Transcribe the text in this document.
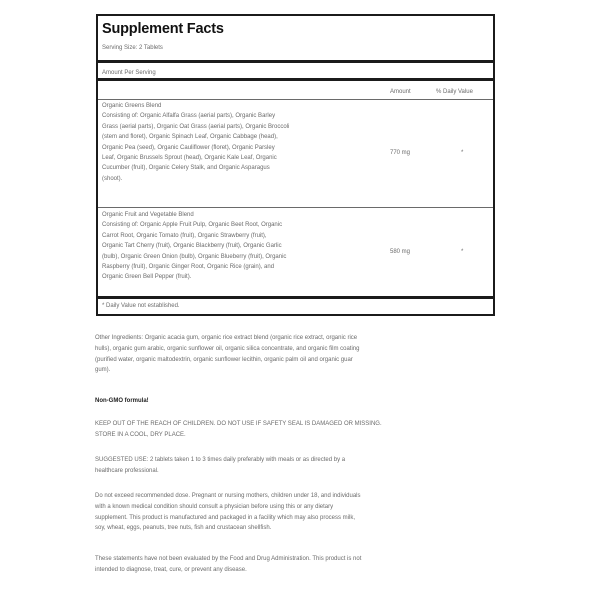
Supplement Facts
Serving Size: 2 Tablets
Amount Per Serving
Amount	% Daily Value
Organic Greens Blend
Consisting of: Organic Alfalfa Grass (aerial parts), Organic Barley
Grass (aerial parts), Organic Oat Grass (aerial parts), Organic Broccoli
(stem and floret), Organic Spinach Leaf, Organic Cabbage (head),
Organic Pea (seed), Organic Cauliflower (floret), Organic Parsley
Leaf, Organic Brussels Sprout (head), Organic Kale Leaf, Organic
Cucumber (fruit), Organic Celery Stalk, and Organic Asparagus
(shoot).
770 mg	*
Organic Fruit and Vegetable Blend
Consisting of: Organic Apple Fruit Pulp, Organic Beet Root, Organic
Carrot Root, Organic Tomato (fruit), Organic Strawberry (fruit),
Organic Tart Cherry (fruit), Organic Blackberry (fruit), Organic Garlic
(bulb), Organic Green Onion (bulb), Organic Blueberry (fruit), Organic
Raspberry (fruit), Organic Ginger Root, Organic Rice (grain), and
Organic Green Bell Pepper (fruit).
580 mg	*
* Daily Value not established.
Other Ingredients: Organic acacia gum, organic rice extract blend (organic rice extract, organic rice
hulls), organic gum arabic, organic sunflower oil, organic silica concentrate, and organic film coating
(purified water, organic maltodextrin, organic sunflower lecithin, organic palm oil and organic guar
gum).
Non-GMO formula!
KEEP OUT OF THE REACH OF CHILDREN. DO NOT USE IF SAFETY SEAL IS DAMAGED OR MISSING.
STORE IN A COOL, DRY PLACE.
SUGGESTED USE: 2 tablets taken 1 to 3 times daily preferably with meals or as directed by a
healthcare professional.
Do not exceed recommended dose. Pregnant or nursing mothers, children under 18, and individuals
with a known medical condition should consult a physician before using this or any dietary
supplement. This product is manufactured and packaged in a facility which may also process milk,
soy, wheat, eggs, peanuts, tree nuts, fish and crustacean shellfish.
These statements have not been evaluated by the Food and Drug Administration. This product is not
intended to diagnose, treat, cure, or prevent any disease.
